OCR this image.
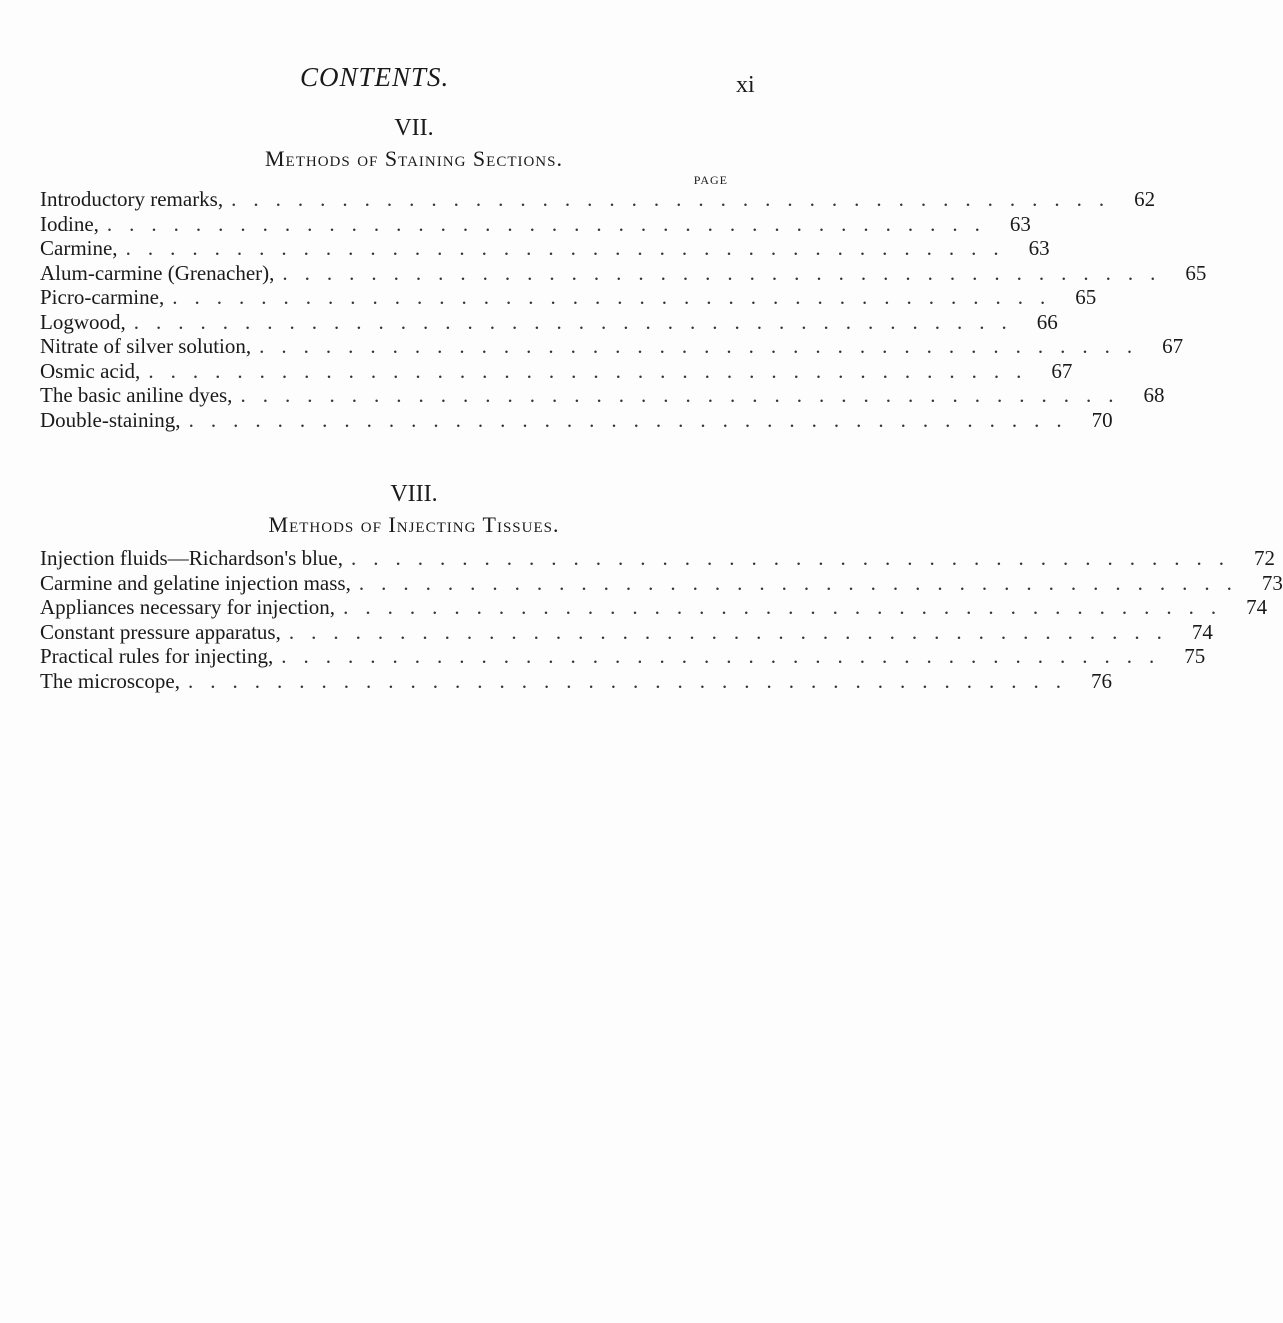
CONTENTS.	xi
VII.
Methods of Staining Sections.
PAGE
Introductory remarks, ........................................ 62
Iodine, ........................................ 63
Carmine, ........................................ 63
Alum-carmine (Grenacher), ........................................ 65
Picro-carmine, ........................................ 65
Logwood, ........................................ 66
Nitrate of silver solution, ........................................ 67
Osmic acid, ........................................ 67
The basic aniline dyes, ........................................ 68
Double-staining, ........................................ 70
VIII.
Methods of Injecting Tissues.
Injection fluids—Richardson's blue, ........................................ 72
Carmine and gelatine injection mass, ........................................ 73
Appliances necessary for injection, ........................................ 74
Constant pressure apparatus, ........................................ 74
Practical rules for injecting, ........................................ 75
The microscope, ........................................ 76
